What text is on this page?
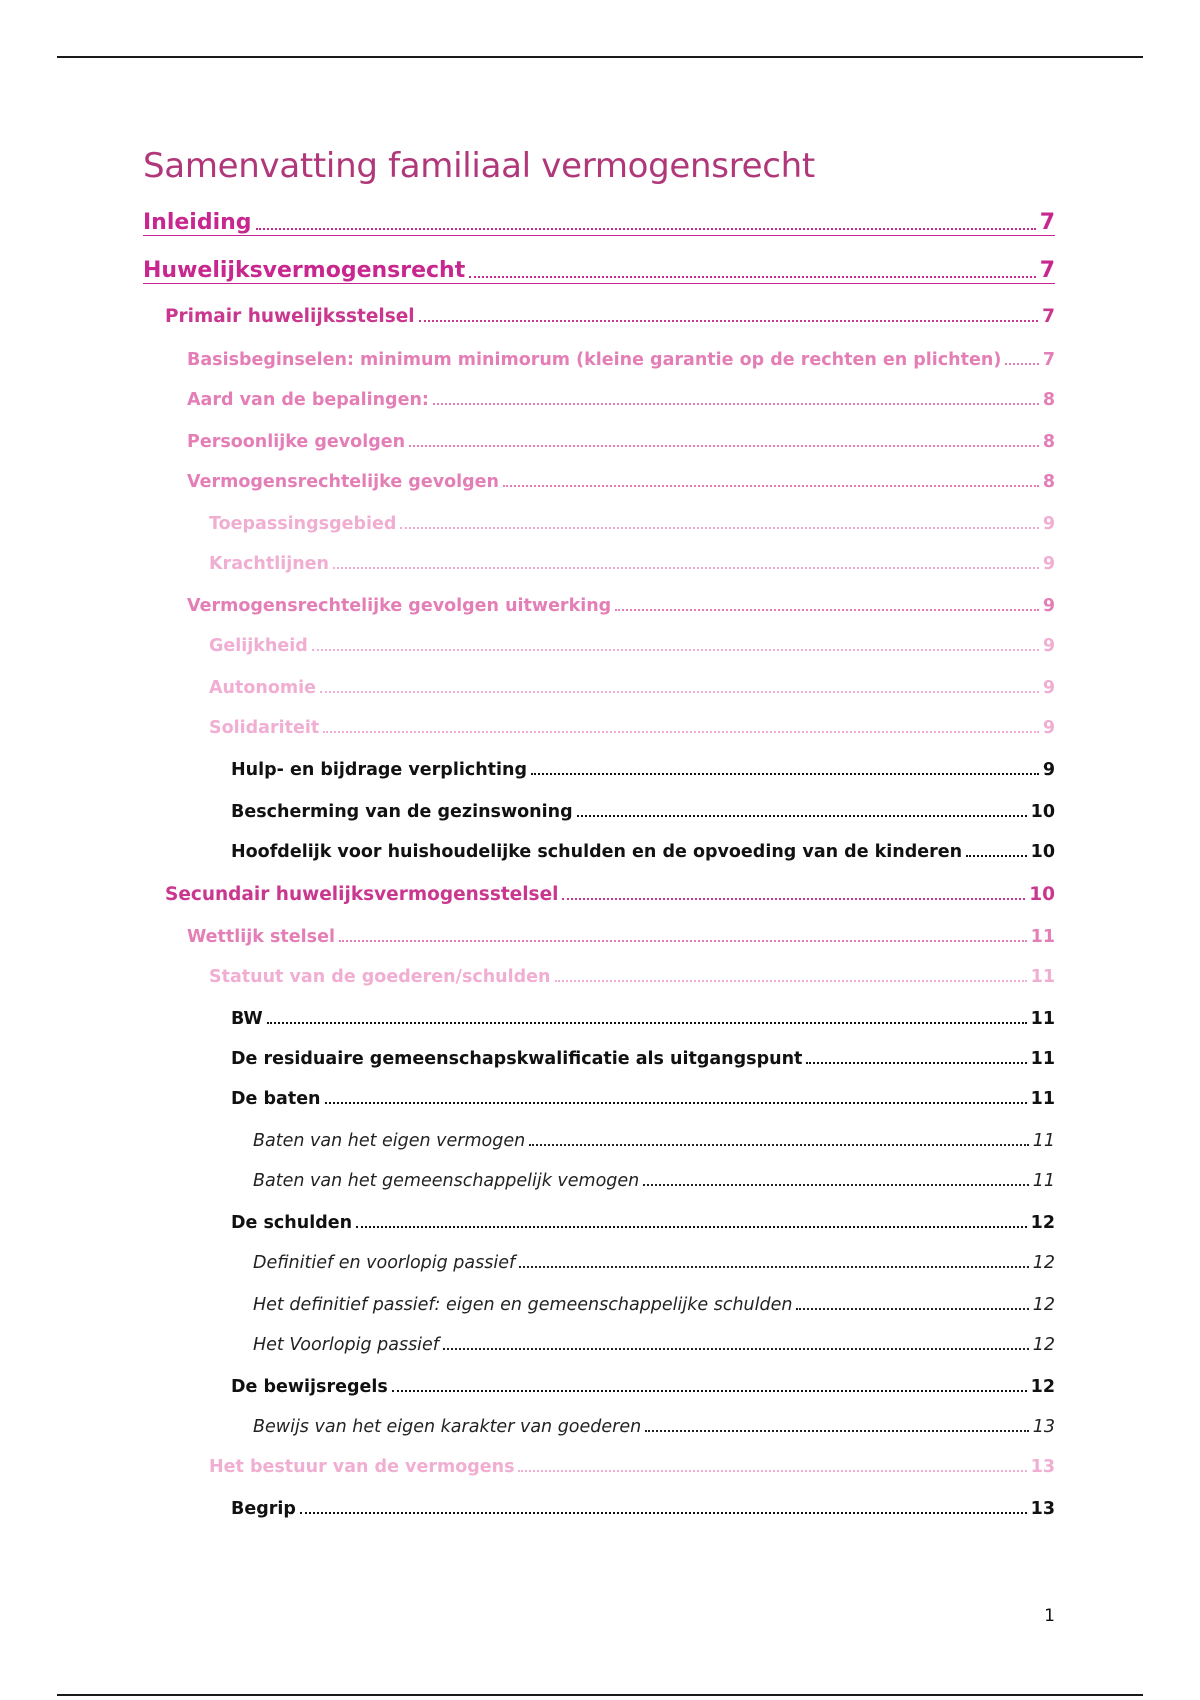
Samenvatting familiaal vermogensrecht
Inleiding	7
Huwelijksvermogensrecht	7
Primair huwelijksstelsel	7
Basisbeginselen: minimum minimorum (kleine garantie op de rechten en plichten) 7
Aard van de bepalingen:	8
Persoonlijke gevolgen	8
Vermogensrechtelijke gevolgen	8
Toepassingsgebied	9
Krachtlijnen	9
Vermogensrechtelijke gevolgen uitwerking	9
Gelijkheid	9
Autonomie	9
Solidariteit	9
Hulp- en bijdrage verplichting	9
Bescherming van de gezinswoning	10
Hoofdelijk voor huishoudelijke schulden en de opvoeding van de kinderen	10
Secundair huwelijksvermogensstelsel	10
Wettlijk stelsel	11
Statuut van de goederen/schulden	11
BW	11
De residuaire gemeenschapskwalificatie als uitgangspunt	11
De baten	11
Baten van het eigen vermogen	11
Baten van het gemeenschappelijk vemogen	11
De schulden	12
Definitief en voorlopig passief	12
Het definitief passief: eigen en gemeenschappelijke schulden	12
Het Voorlopig passief	12
De bewijsregels	12
Bewijs van het eigen karakter van goederen	13
Het bestuur van de vermogens	13
Begrip	13
1
